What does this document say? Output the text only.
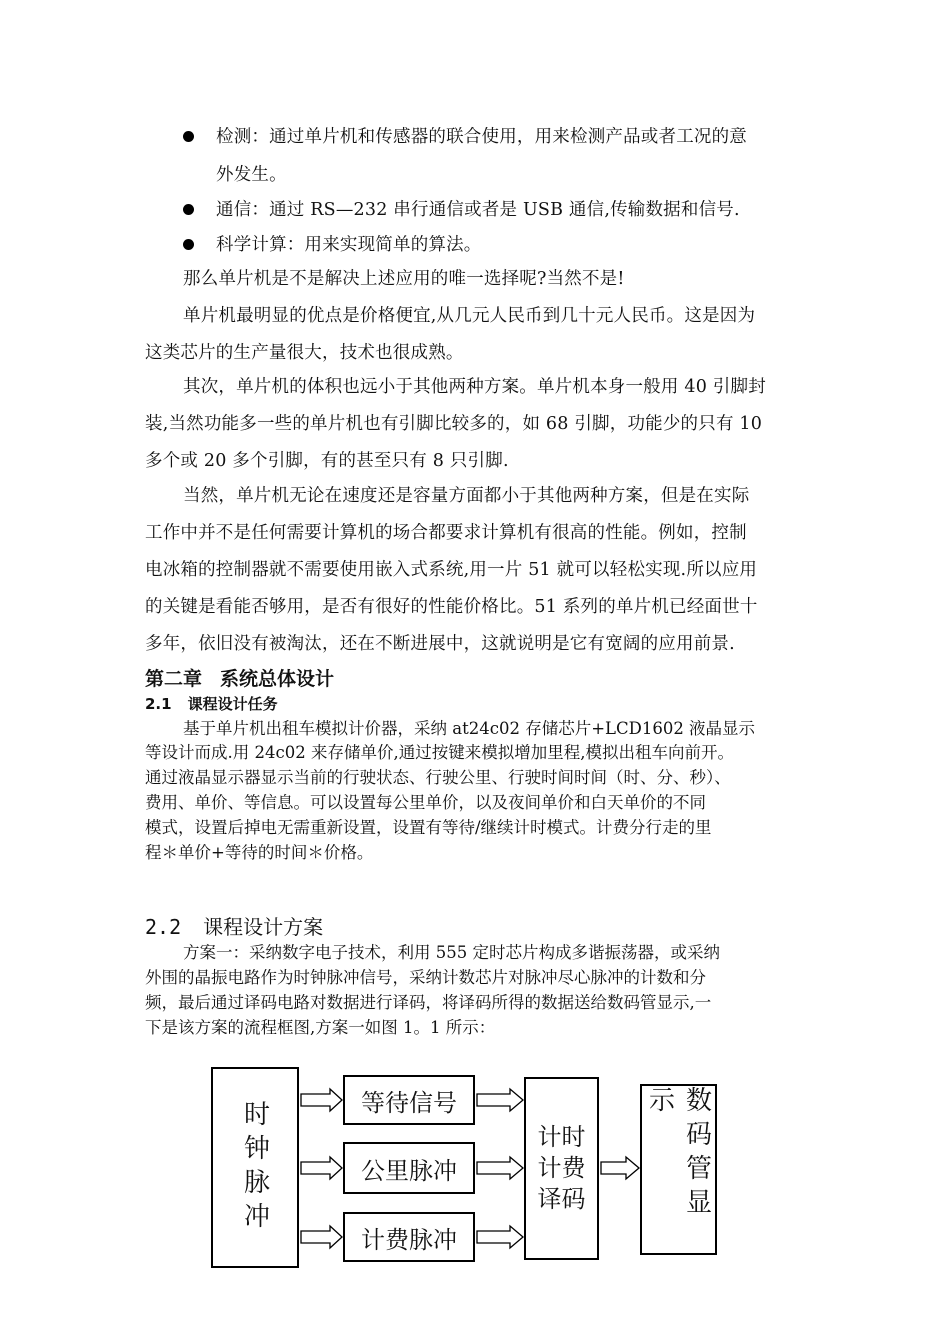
检测：通过单片机和传感器的联合使用，用来检测产品或者工况的意
外发生。
通信：通过 RS—232 串行通信或者是 USB 通信,传输数据和信号.
科学计算：用来实现简单的算法。
那么单片机是不是解决上述应用的唯一选择呢?当然不是!
单片机最明显的优点是价格便宜,从几元人民币到几十元人民币。这是因为
这类芯片的生产量很大，技术也很成熟。
其次，单片机的体积也远小于其他两种方案。单片机本身一般用 40 引脚封
装,当然功能多一些的单片机也有引脚比较多的，如 68 引脚，功能少的只有 10
多个或 20 多个引脚，有的甚至只有 8 只引脚.
当然，单片机无论在速度还是容量方面都小于其他两种方案，但是在实际
工作中并不是任何需要计算机的场合都要求计算机有很高的性能。例如，控制
电冰箱的控制器就不需要使用嵌入式系统,用一片 51 就可以轻松实现.所以应用
的关键是看能否够用，是否有很好的性能价格比。51 系列的单片机已经面世十
多年，依旧没有被淘汰，还在不断进展中，这就说明是它有宽阔的应用前景.
第二章 系统总体设计
2.1 课程设计任务
基于单片机出租车模拟计价器，采纳 at24c02 存储芯片+LCD1602 液晶显示
等设计而成.用 24c02 来存储单价,通过按键来模拟增加里程,模拟出租车向前开。
通过液晶显示器显示当前的行驶状态、行驶公里、行驶时间时间（时、分、秒）、
费用、单价、等信息。可以设置每公里单价，以及夜间单价和白天单价的不同
模式，设置后掉电无需重新设置，设置有等待/继续计时模式。计费分行走的里
程＊单价+等待的时间＊价格。
2.2 课程设计方案
方案一：采纳数字电子技术，利用 555 定时芯片构成多谐振荡器，或采纳
外围的晶振电路作为时钟脉冲信号，采纳计数芯片对脉冲尽心脉冲的计数和分
频，最后通过译码电路对数据进行译码，将译码所得的数据送给数码管显示,一
下是该方案的流程框图,方案一如图 1。1 所示：
时钟脉冲	等待信号
公里脉冲
计费脉冲
计时
计费
译码	数码管显示
